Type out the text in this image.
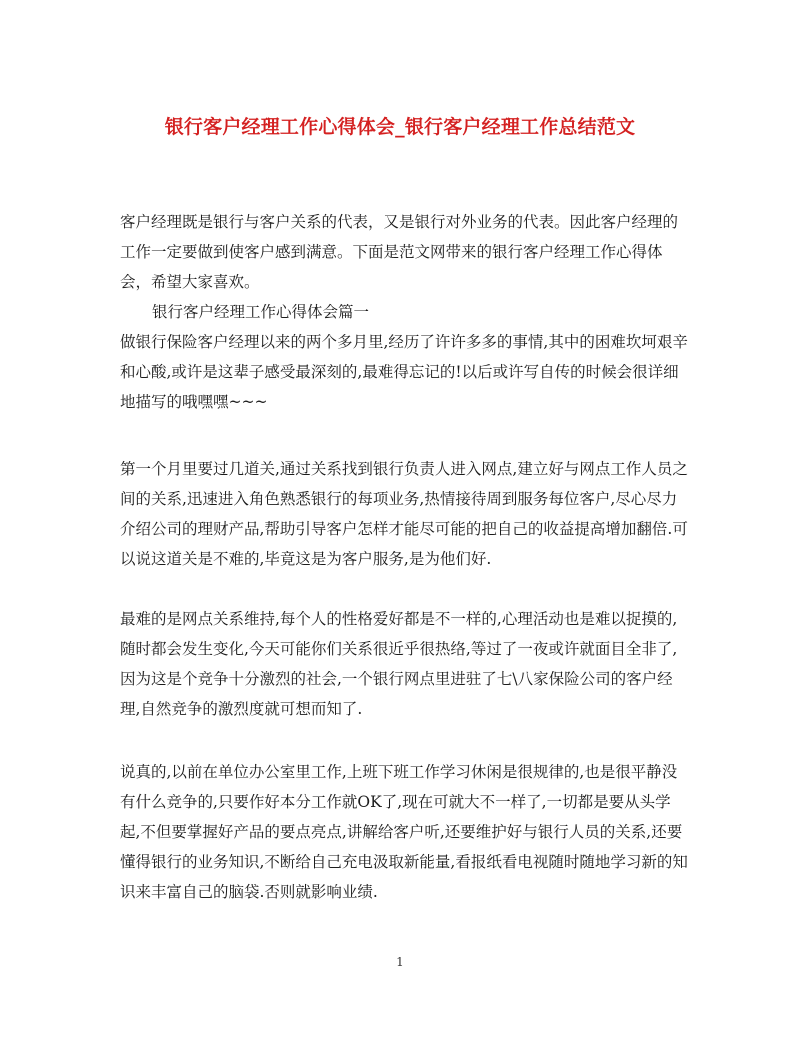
银行客户经理工作心得体会_银行客户经理工作总结范文
客户经理既是银行与客户关系的代表，又是银行对外业务的代表。因此客户经理的工作一定要做到使客户感到满意。下面是范文网带来的银行客户经理工作心得体会，希望大家喜欢。
银行客户经理工作心得体会篇一
做银行保险客户经理以来的两个多月里,经历了许许多多的事情,其中的困难坎坷艰辛和心酸,或许是这辈子感受最深刻的,最难得忘记的!以后或许写自传的时候会很详细地描写的哦嘿嘿~~~
第一个月里要过几道关,通过关系找到银行负责人进入网点,建立好与网点工作人员之间的关系,迅速进入角色熟悉银行的每项业务,热情接待周到服务每位客户,尽心尽力介绍公司的理财产品,帮助引导客户怎样才能尽可能的把自己的收益提高增加翻倍.可以说这道关是不难的,毕竟这是为客户服务,是为他们好.
最难的是网点关系维持,每个人的性格爱好都是不一样的,心理活动也是难以捉摸的,随时都会发生变化,今天可能你们关系很近乎很热络,等过了一夜或许就面目全非了,因为这是个竞争十分激烈的社会,一个银行网点里进驻了七\八家保险公司的客户经理,自然竞争的激烈度就可想而知了.
说真的,以前在单位办公室里工作,上班下班工作学习休闲是很规律的,也是很平静没有什么竞争的,只要作好本分工作就OK了,现在可就大不一样了,一切都是要从头学起,不但要掌握好产品的要点亮点,讲解给客户听,还要维护好与银行人员的关系,还要懂得银行的业务知识,不断给自己充电汲取新能量,看报纸看电视随时随地学习新的知识来丰富自己的脑袋.否则就影响业绩.
1
